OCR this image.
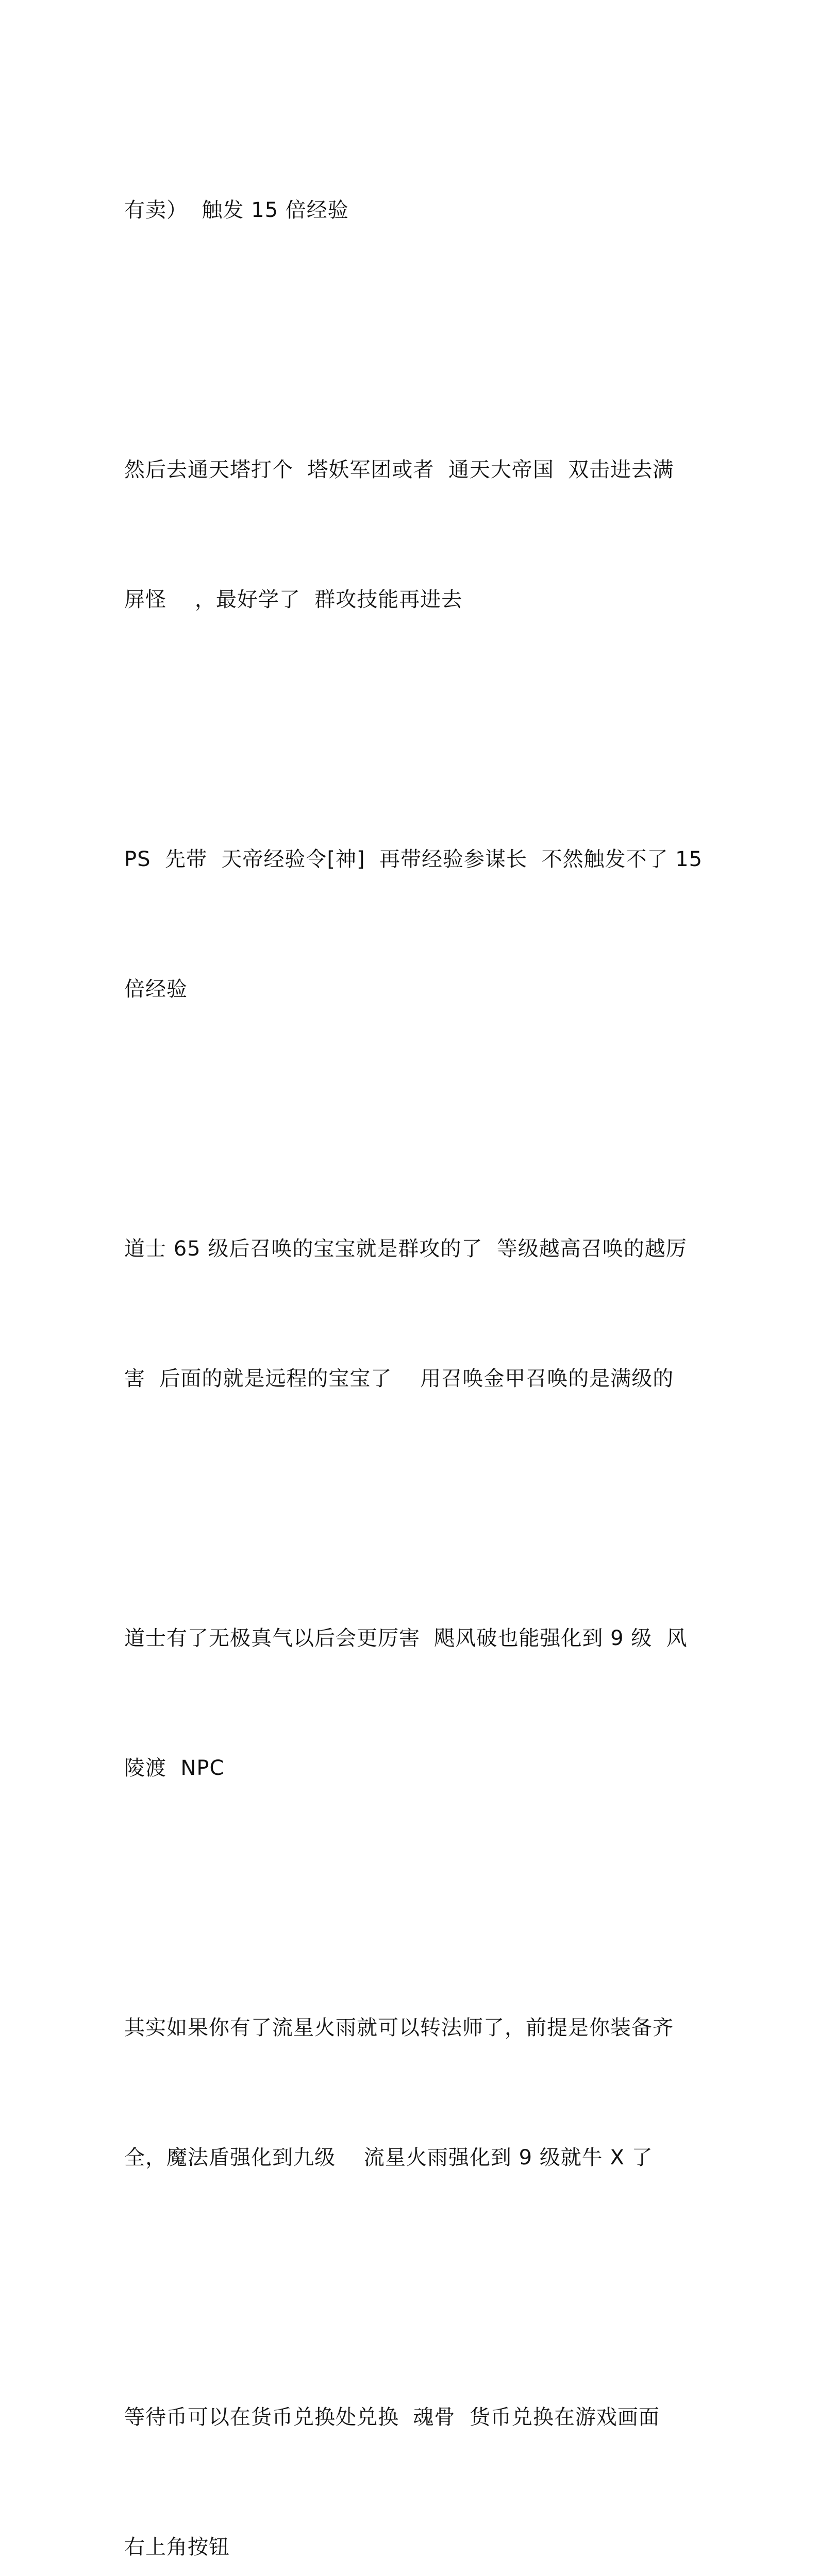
有卖）  触发 15 倍经验

然后去通天塔打个  塔妖军团或者  通天大帝国  双击进去满

屏怪    ，最好学了  群攻技能再进去

PS  先带  天帝经验令[神]  再带经验参谋长  不然触发不了 15

倍经验

道士 65 级后召唤的宝宝就是群攻的了  等级越高召唤的越厉

害  后面的就是远程的宝宝了    用召唤金甲召唤的是满级的

道士有了无极真气以后会更厉害  飓风破也能强化到 9 级  风

陵渡  NPC

其实如果你有了流星火雨就可以转法师了，前提是你装备齐

全，魔法盾强化到九级    流星火雨强化到 9 级就牛 X 了

等待币可以在货币兑换处兑换  魂骨  货币兑换在游戏画面

右上角按钮
